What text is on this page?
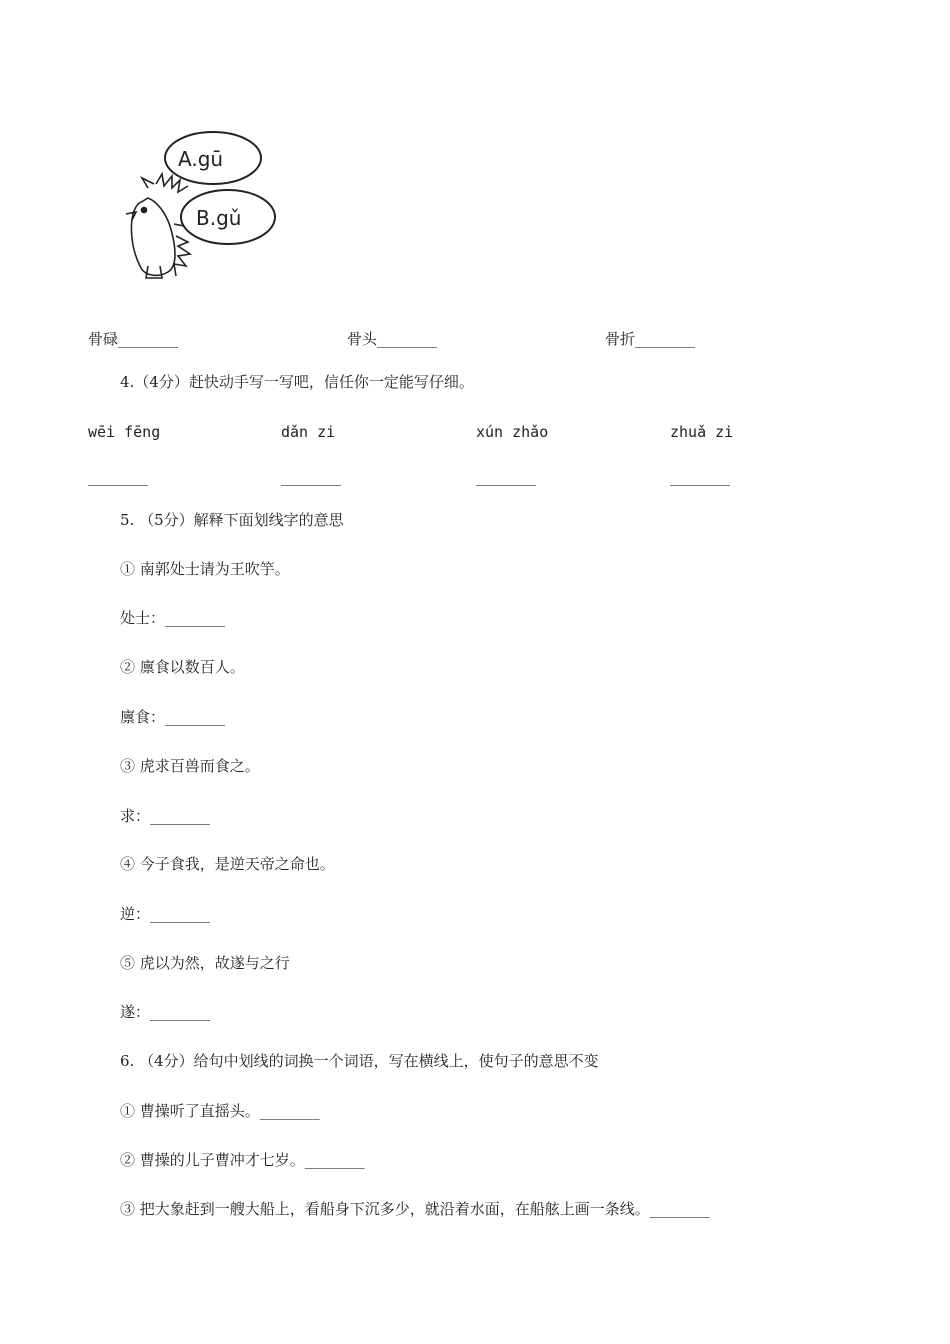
A.gū
B.gǔ
骨碌________	骨头________	骨折________
4.（4分）赶快动手写一写吧，信任你一定能写仔细。
wēi fēng	dǎn zi	xún zhǎo	zhuǎ zi
________	________	________	________
5. （5分）解释下面划线字的意思
① 南郭处士请为王吹竽。
处士：________
② 廪食以数百人。
廪食：________
③ 虎求百兽而食之。
求：________
④ 今子食我，是逆天帝之命也。
逆：________
⑤ 虎以为然，故遂与之行
遂：________
6. （4分）给句中划线的词换一个词语，写在横线上，使句子的意思不变
① 曹操听了直摇头。________
② 曹操的儿子曹冲才七岁。________
③ 把大象赶到一艘大船上，看船身下沉多少，就沿着水面，在船舷上画一条线。________
